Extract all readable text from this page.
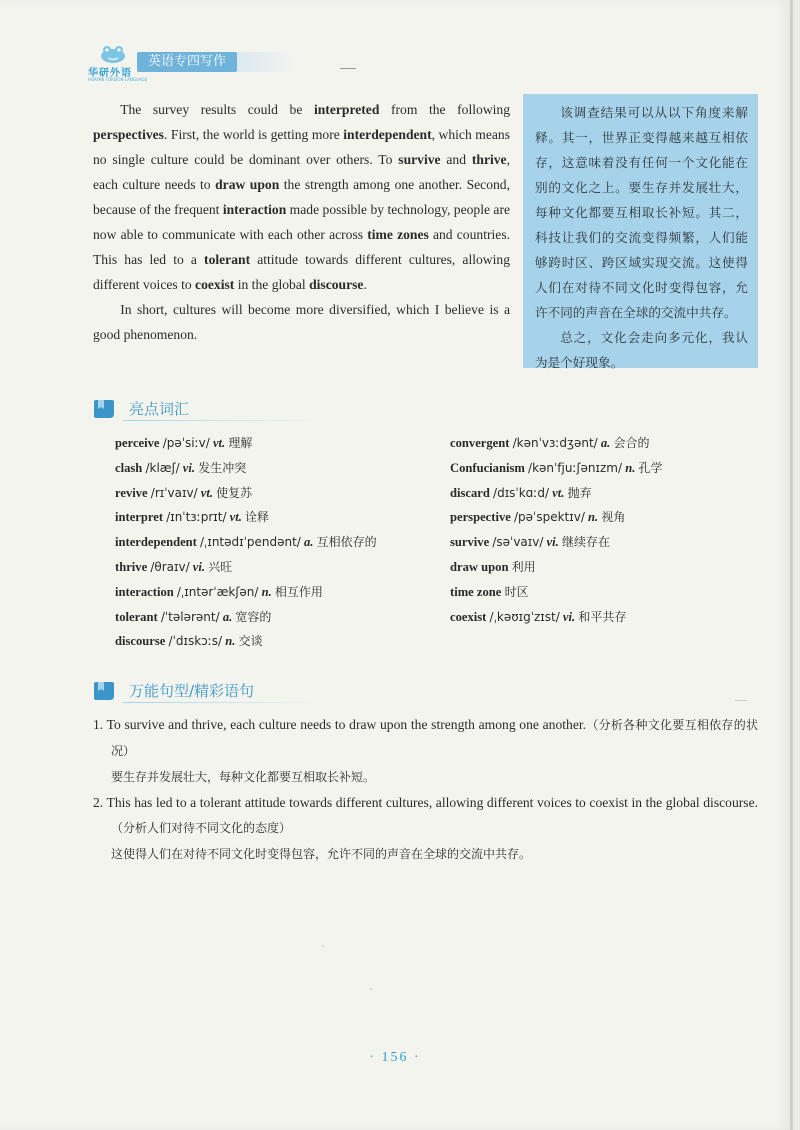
华研外语
HUAYAN FOREIGN LANGUAGE
英语专四写作

The survey results could be interpreted from the following perspectives. First, the world is getting more interdependent, which means no single culture could be dominant over others. To survive and thrive, each culture needs to draw upon the strength among one another. Second, because of the frequent interaction made possible by technology, people are now able to communicate with each other across time zones and countries. This has led to a tolerant attitude towards different cultures, allowing different voices to coexist in the global discourse.

In short, cultures will become more diversified, which I believe is a good phenomenon.

该调查结果可以从以下角度来解释。其一，世界正变得越来越互相依存，这意味着没有任何一个文化能在别的文化之上。要生存并发展壮大，每种文化都要互相取长补短。其二，科技让我们的交流变得频繁，人们能够跨时区、跨区域实现交流。这使得人们在对待不同文化时变得包容，允许不同的声音在全球的交流中共存。

总之，文化会走向多元化，我认为是个好现象。

亮点词汇
perceive /pəˈsiːv/ vt. 理解
clash /klæʃ/ vi. 发生冲突
revive /rɪˈvaɪv/ vt. 使复苏
interpret /ɪnˈtɜːprɪt/ vt. 诠释
interdependent /ˌɪntədɪˈpendənt/ a. 互相依存的
thrive /θraɪv/ vi. 兴旺
interaction /ˌɪntərˈækʃən/ n. 相互作用
tolerant /ˈtələrənt/ a. 宽容的
discourse /ˈdɪskɔːs/ n. 交谈
convergent /kənˈvɜːdʒənt/ a. 会合的
Confucianism /kənˈfjuːʃənɪzm/ n. 孔学
discard /dɪsˈkɑːd/ vt. 抛弃
perspective /pəˈspektɪv/ n. 视角
survive /səˈvaɪv/ vi. 继续存在
draw upon 利用
time zone 时区
coexist /ˌkəʊɪgˈzɪst/ vi. 和平共存
万能句型/精彩语句
1. To survive and thrive, each culture needs to draw upon the strength among one another.（分析各种文化要互相依存的状况）
要生存并发展壮大，每种文化都要互相取长补短。
2. This has led to a tolerant attitude towards different cultures, allowing different voices to coexist in the global discourse.（分析人们对待不同文化的态度）
这使得人们在对待不同文化时变得包容，允许不同的声音在全球的交流中共存。
· 156 ·
